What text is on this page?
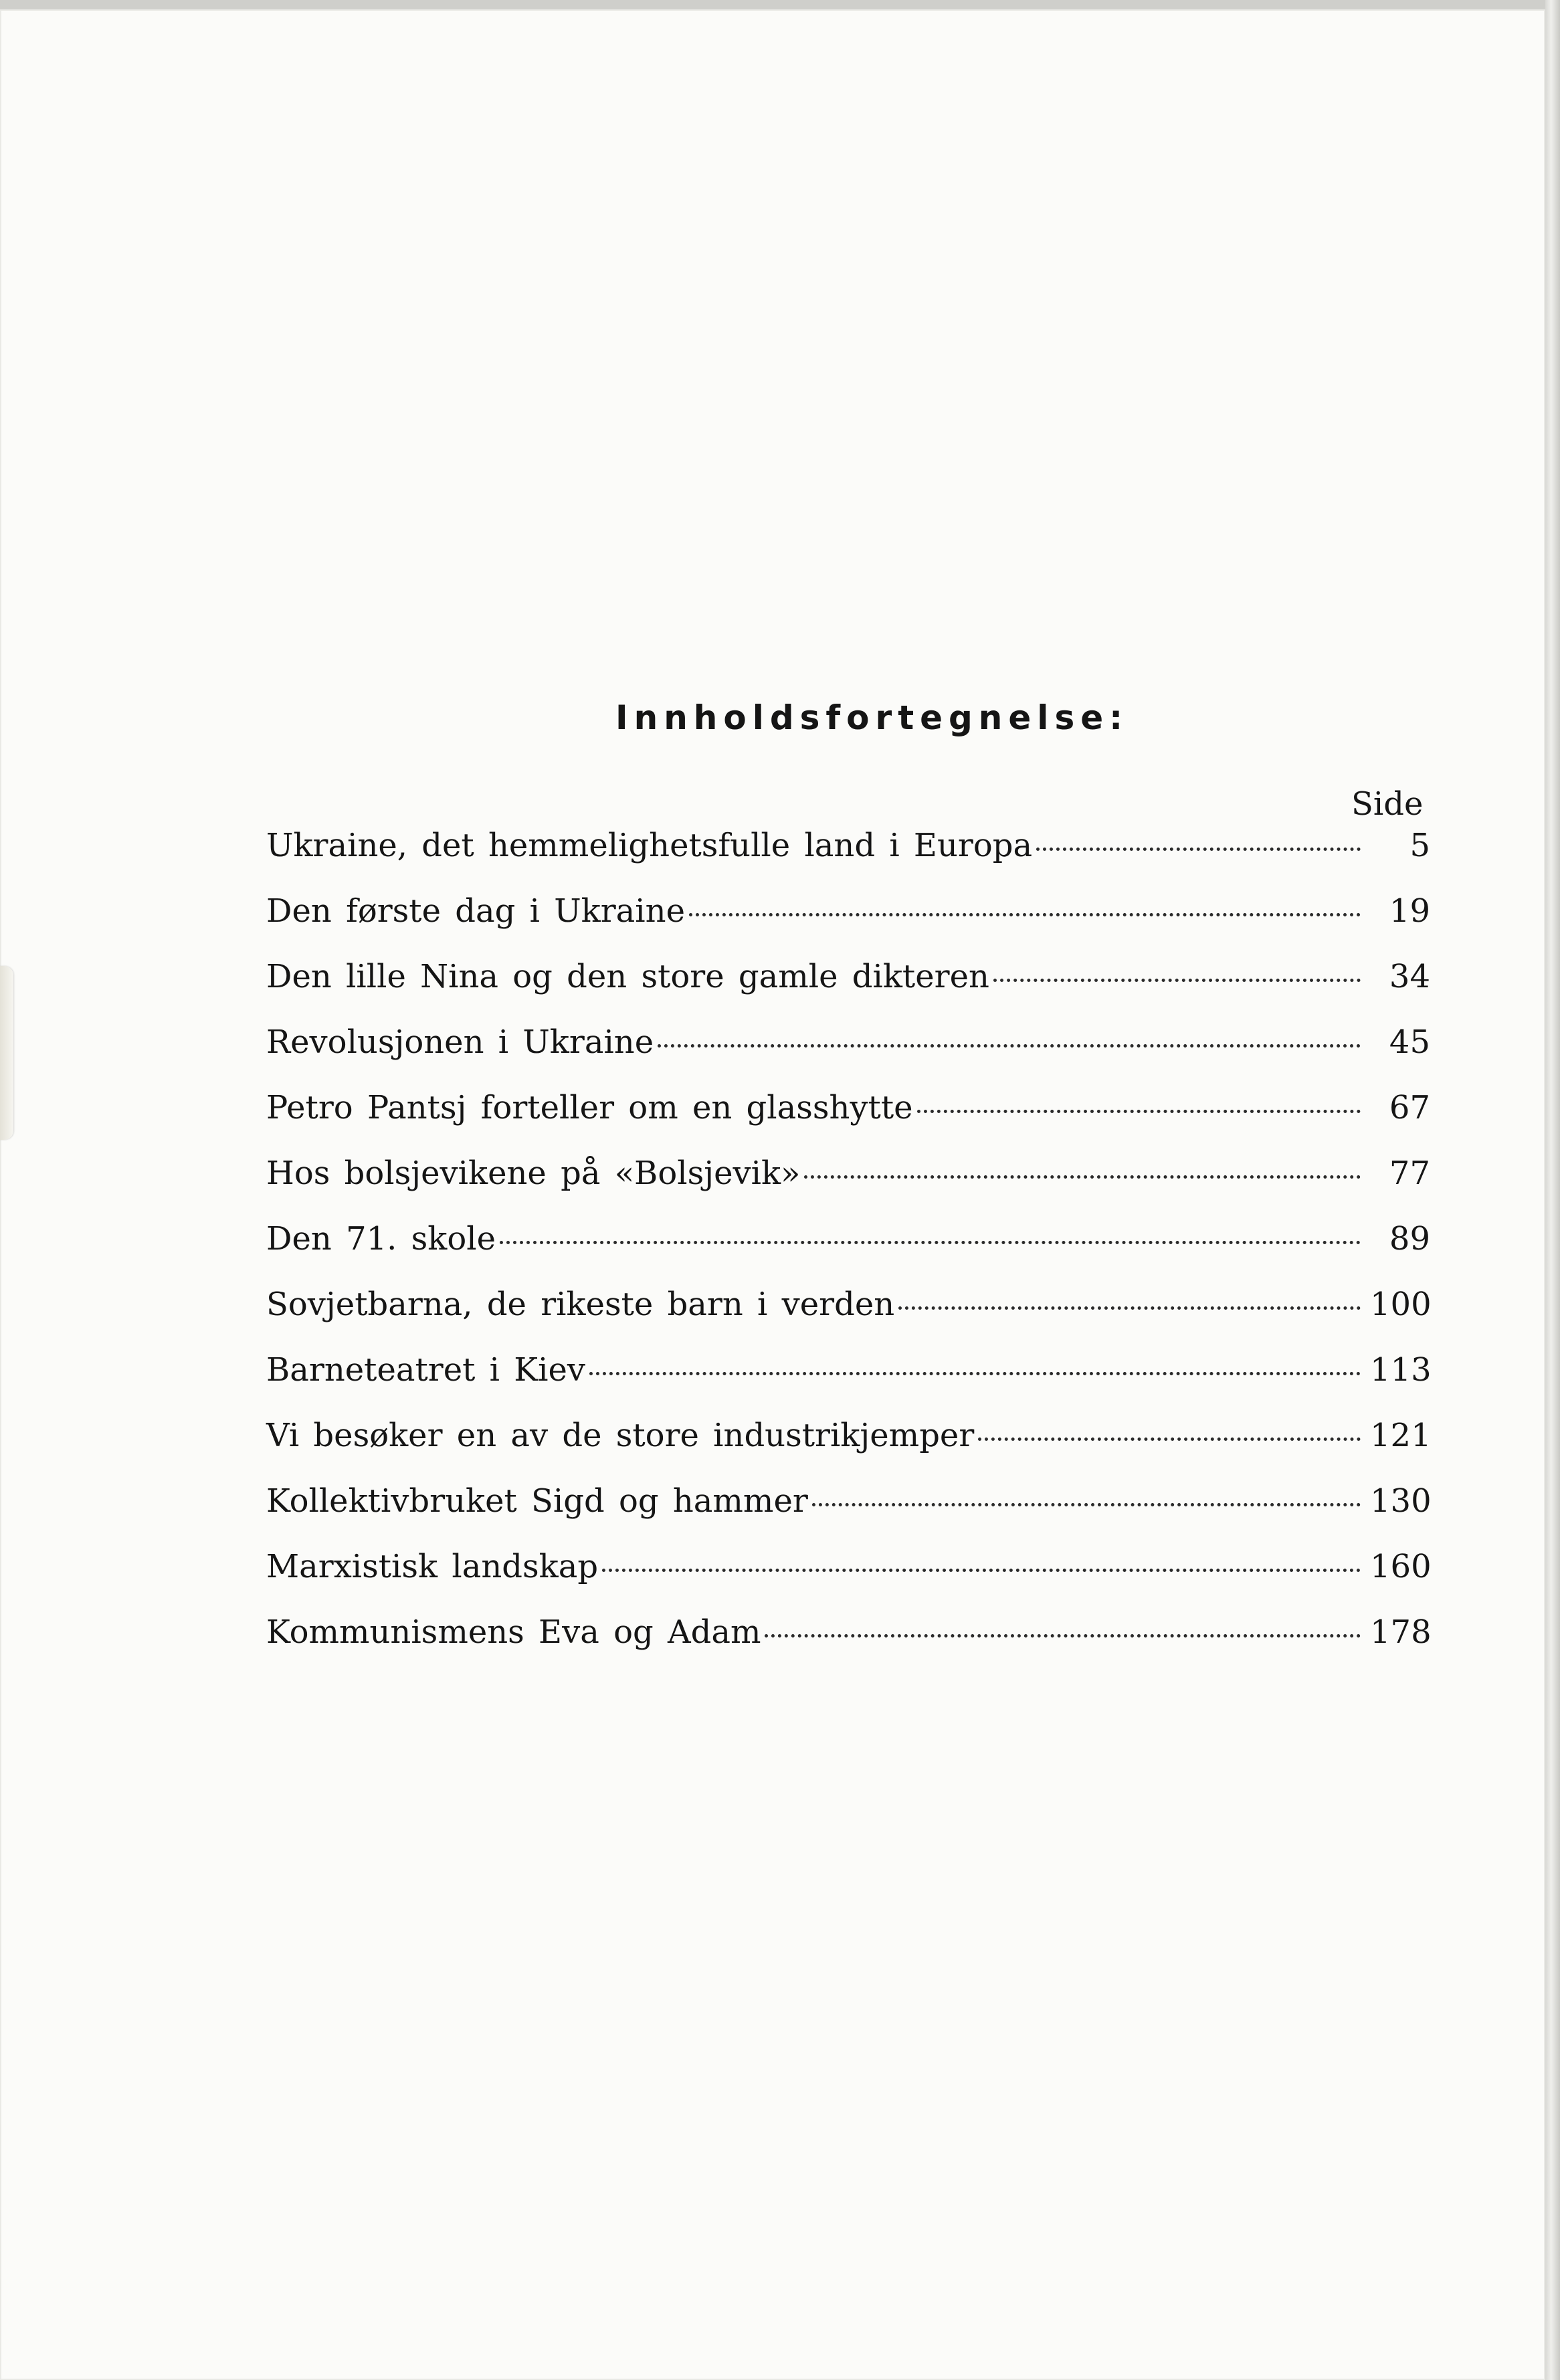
Innholdsfortegnelse:
Side
Ukraine, det hemmelighetsfulle land i Europa	5
Den første dag i Ukraine	19
Den lille Nina og den store gamle dikteren	34
Revolusjonen i Ukraine	45
Petro Pantsj forteller om en glasshytte	67
Hos bolsjevikene på «Bolsjevik»	77
Den 71. skole	89
Sovjetbarna, de rikeste barn i verden	100
Barneteatret i Kiev	113
Vi besøker en av de store industrikjemper	121
Kollektivbruket Sigd og hammer	130
Marxistisk landskap	160
Kommunismens Eva og Adam	178
